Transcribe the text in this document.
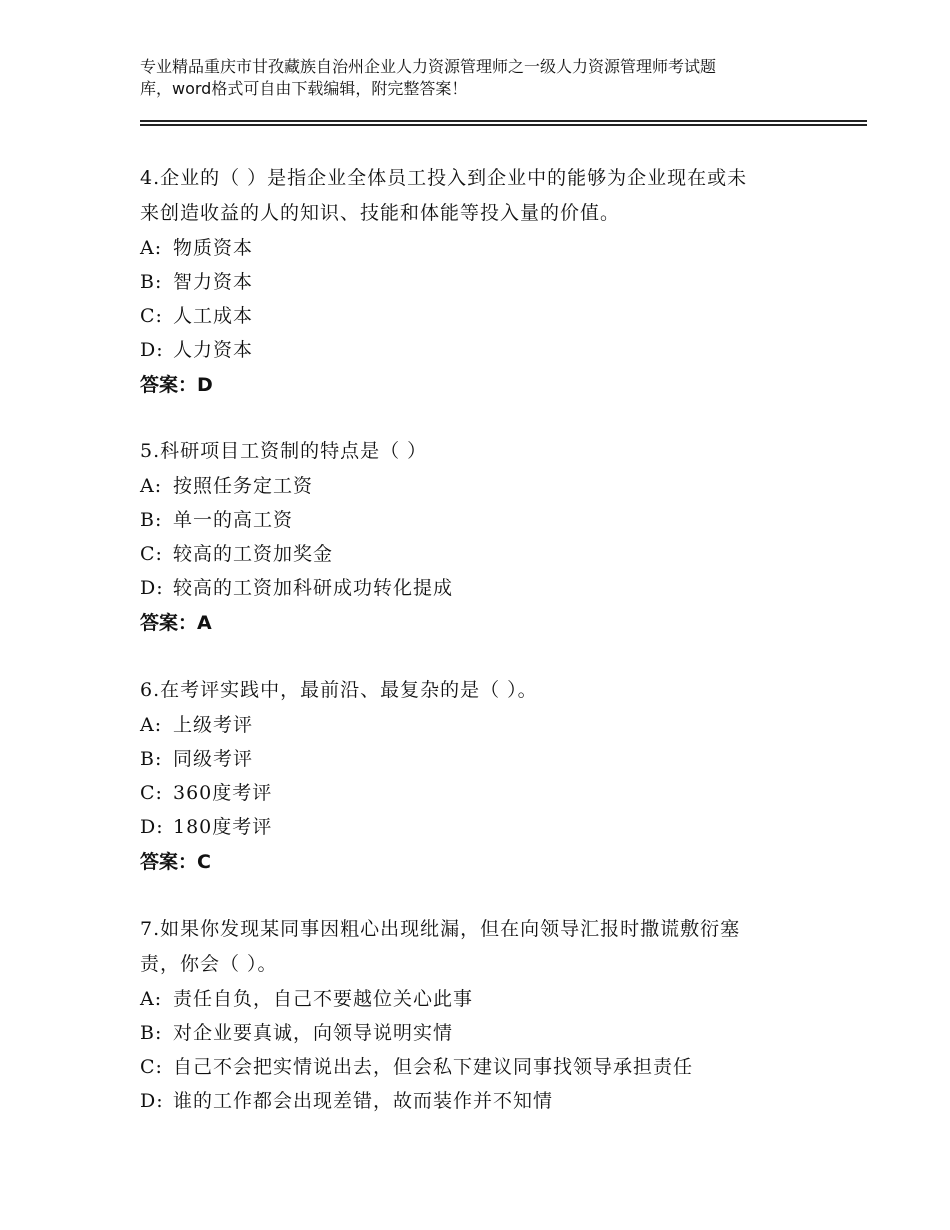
专业精品重庆市甘孜藏族自治州企业人力资源管理师之一级人力资源管理师考试题
库，word格式可自由下载编辑，附完整答案！
4.企业的（ ）是指企业全体员工投入到企业中的能够为企业现在或未
来创造收益的人的知识、技能和体能等投入量的价值。
A: 物质资本
B: 智力资本
C: 人工成本
D: 人力资本
答案：D
5.科研项目工资制的特点是（ ）
A: 按照任务定工资
B: 单一的高工资
C: 较高的工资加奖金
D: 较高的工资加科研成功转化提成
答案：A
6.在考评实践中，最前沿、最复杂的是（ ）。
A: 上级考评
B: 同级考评
C: 360度考评
D: 180度考评
答案：C
7.如果你发现某同事因粗心出现纰漏，但在向领导汇报时撒谎敷衍塞
责，你会（ ）。
A: 责任自负，自己不要越位关心此事
B: 对企业要真诚，向领导说明实情
C: 自己不会把实情说出去，但会私下建议同事找领导承担责任
D: 谁的工作都会出现差错，故而装作并不知情
